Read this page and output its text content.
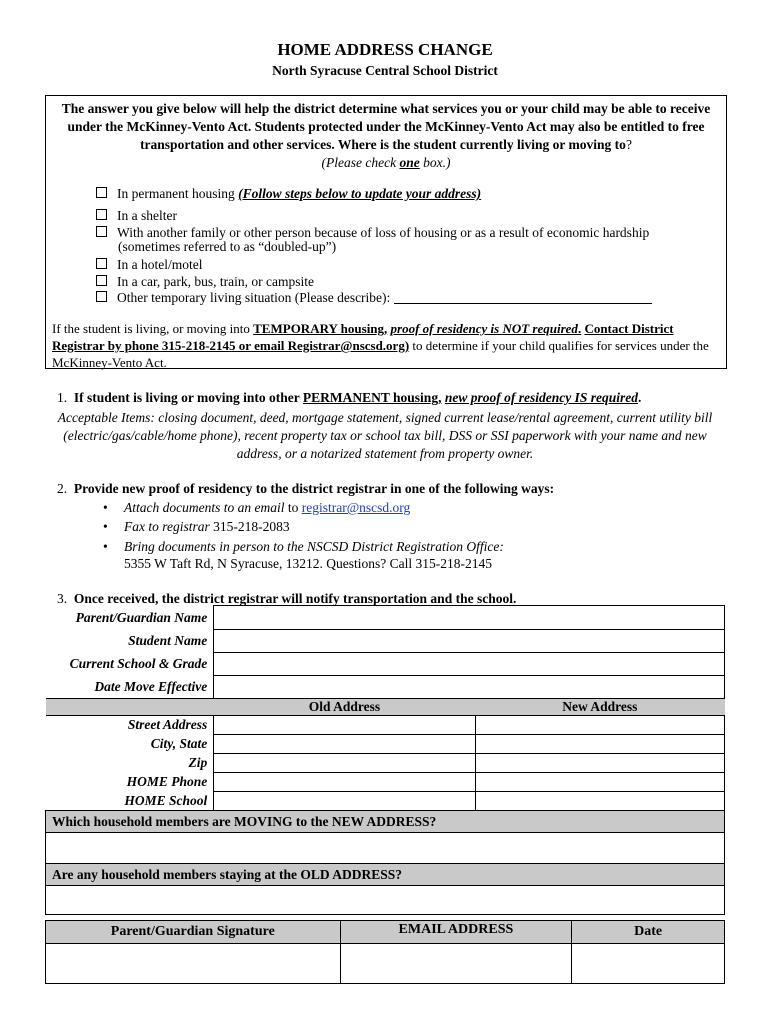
HOME ADDRESS CHANGE
North Syracuse Central School District
The answer you give below will help the district determine what services you or your child may be able to receive under the McKinney-Vento Act. Students protected under the McKinney-Vento Act may also be entitled to free transportation and other services. Where is the student currently living or moving to?
(Please check one box.)
In permanent housing (Follow steps below to update your address)
In a shelter
With another family or other person because of loss of housing or as a result of economic hardship
(sometimes referred to as “doubled-up”)
In a hotel/motel
In a car, park, bus, train, or campsite
Other temporary living situation (Please describe):
If the student is living, or moving into TEMPORARY housing, proof of residency is NOT required. Contact District Registrar by phone 315-218-2145 or email Registrar@nscsd.org) to determine if your child qualifies for services under the McKinney-Vento Act.
1. If student is living or moving into other PERMANENT housing, new proof of residency IS required.
Acceptable Items: closing document, deed, mortgage statement, signed current lease/rental agreement, current utility bill (electric/gas/cable/home phone), recent property tax or school tax bill, DSS or SSI paperwork with your name and new address, or a notarized statement from property owner.
2. Provide new proof of residency to the district registrar in one of the following ways:
•	Attach documents to an email to registrar@nscsd.org
•	Fax to registrar 315-218-2083
•	Bring documents in person to the NSCSD District Registration Office:
5355 W Taft Rd, N Syracuse, 13212. Questions? Call 315-218-2145
3. Once received, the district registrar will notify transportation and the school.
Parent/Guardian Name		
Student Name		
Current School & Grade		
Date Move Effective		
	Old Address	New Address
Street Address		
City, State		
Zip		
HOME Phone		
HOME School		
Which household members are MOVING to the NEW ADDRESS?		

Are any household members staying at the OLD ADDRESS?		

Parent/Guardian Signature	EMAIL ADDRESS	Date
